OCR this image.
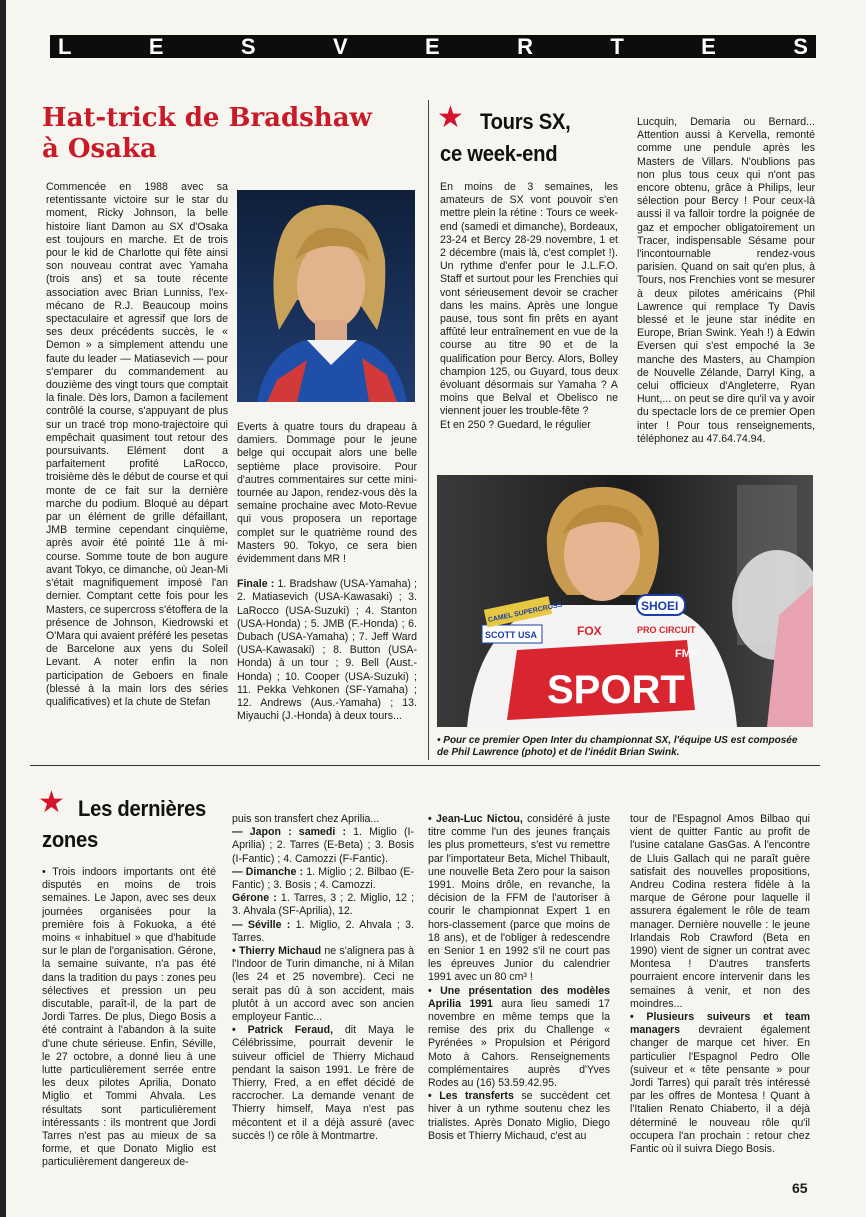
L	E	S	V	E	R	T	E	S
Hat-trick de Bradshaw à Osaka

Commencée en 1988 avec sa retentissante victoire sur le star du moment, Ricky Johnson, la belle histoire liant Damon au SX d'Osaka est toujours en marche. Et de trois pour le kid de Charlotte qui fête ainsi son nouveau contrat avec Yamaha (trois ans) et sa toute récente association avec Brian Lunniss, l'ex-mécano de R.J. Beaucoup moins spectaculaire et agressif que lors de ses deux précédents succès, le « Demon » a simplement attendu une faute du leader — Matiasevich — pour s'emparer du commandement au douzième des vingt tours que comptait la finale. Dès lors, Damon a facilement contrôlé la course, s'appuyant de plus sur un tracé trop mono-trajectoire qui empêchait quasiment tout retour des poursuivants. Elément dont a parfaitement profité LaRocco, troisième dès le début de course et qui monte de ce fait sur la dernière marche du podium. Bloqué au départ par un élément de grille défaillant, JMB termine cependant cinquième, après avoir été pointé 11e à mi-course. Somme toute de bon augure avant Tokyo, ce dimanche, où Jean-Mi s'était magnifiquement imposé l'an dernier. Comptant cette fois pour les Masters, ce supercross s'étoffera de la présence de Johnson, Kiedrowski et O'Mara qui avaient préféré les pesetas de Barcelone aux yens du Soleil Levant. A noter enfin la non participation de Geboers en finale (blessé à la main lors des séries qualificatives) et la chute de Stefan

Everts à quatre tours du drapeau à damiers. Dommage pour le jeune belge qui occupait alors une belle septième place provisoire. Pour d'autres commentaires sur cette mini-tournée au Japon, rendez-vous dès la semaine prochaine avec Moto-Revue qui vous proposera un reportage complet sur le quatrième round des Masters 90. Tokyo, ce sera bien évidemment dans MR !

Finale : 1. Bradshaw (USA-Yamaha) ; 2. Matiasevich (USA-Kawasaki) ; 3. LaRocco (USA-Suzuki) ; 4. Stanton (USA-Honda) ; 5. JMB (F.-Honda) ; 6. Dubach (USA-Yamaha) ; 7. Jeff Ward (USA-Kawasaki) ; 8. Button (USA-Honda) à un tour ; 9. Bell (Aust.-Honda) ; 10. Cooper (USA-Suzuki) ; 11. Pekka Vehkonen (SF-Yamaha) ; 12. Andrews (Aus.-Yamaha) ; 13. Miyauchi (J.-Honda) à deux tours...

★ Tours SX,
ce week-end

En moins de 3 semaines, les amateurs de SX vont pouvoir s'en mettre plein la rétine : Tours ce week-end (samedi et dimanche), Bordeaux, 23-24 et Bercy 28-29 novembre, 1 et 2 décembre (mais là, c'est complet !). Un rythme d'enfer pour le J.L.F.O. Staff et surtout pour les Frenchies qui vont sérieusement devoir se cracher dans les mains. Après une longue pause, tous sont fin prêts en ayant affûté leur entraînement en vue de la course au titre 90 et de la qualification pour Bercy. Alors, Bolley champion 125, ou Guyard, tous deux évoluant désormais sur Yamaha ? A moins que Belval et Obelisco ne viennent jouer les trouble-fête ?

Et en 250 ? Guedard, le régulier

Lucquin, Demaria ou Bernard... Attention aussi à Kervella, remonté comme une pendule après les Masters de Villars. N'oublions pas non plus tous ceux qui n'ont pas encore obtenu, grâce à Philips, leur sélection pour Bercy ! Pour ceux-là aussi il va falloir tordre la poignée de gaz et empocher obligatoirement un Tracer, indispensable Sésame pour l'incontournable rendez-vous parisien. Quand on sait qu'en plus, à Tours, nos Frenchies vont se mesurer à deux pilotes américains (Phil Lawrence qui remplace Ty Davis blessé et le jeune star inédite en Europe, Brian Swink. Yeah !) à Edwin Eversen qui s'est empoché la 3e manche des Masters, au Champion de Nouvelle Zélande, Darryl King, a celui officieux d'Angleterre, Ryan Hunt,... on peut se dire qu'il va y avoir du spectacle lors de ce premier Open inter ! Pour tous renseignements, téléphonez au 47.64.74.94.

SPORT
SCOTT USA
CAMEL SUPERCROSS
FOX
SHOEI
PRO CIRCUIT
FMF

• Pour ce premier Open Inter du championnat SX, l'équipe US est composée de Phil Lawrence (photo) et de l'inédit Brian Swink.

★ Les dernières
zones

• Trois indoors importants ont été disputés en moins de trois semaines. Le Japon, avec ses deux journées organisées pour la première fois à Fokuoka, a été moins « inhabituel » que d'habitude sur le plan de l'organisation. Gérone, la semaine suivante, n'a pas été dans la tradition du pays : zones peu sélectives et pression un peu discutable, paraît-il, de la part de Jordi Tarres. De plus, Diego Bosis a été contraint à l'abandon à la suite d'une chute sérieuse. Enfin, Séville, le 27 octobre, a donné lieu à une lutte particulièrement serrée entre les deux pilotes Aprilia, Donato Miglio et Tommi Ahvala. Les résultats sont particulièrement intéressants : ils montrent que Jordi Tarres n'est pas au mieux de sa forme, et que Donato Miglio est particulièrement dangereux de-

puis son transfert chez Aprilia...

— Japon : samedi : 1. Miglio (I-Aprilia) ; 2. Tarres (E-Beta) ; 3. Bosis (I-Fantic) ; 4. Camozzi (F-Fantic).

— Dimanche : 1. Miglio ; 2. Bilbao (E-Fantic) ; 3. Bosis ; 4. Camozzi.

Gérone : 1. Tarres, 3 ; 2. Miglio, 12 ; 3. Ahvala (SF-Aprilia), 12.

— Séville : 1. Miglio, 2. Ahvala ; 3. Tarres.

• Thierry Michaud ne s'alignera pas à l'Indoor de Turin dimanche, ni à Milan (les 24 et 25 novembre). Ceci ne serait pas dû à son accident, mais plutôt à un accord avec son ancien employeur Fantic...

• Patrick Feraud, dit Maya le Célébrissime, pourrait devenir le suiveur officiel de Thierry Michaud pendant la saison 1991. Le frère de Thierry, Fred, a en effet décidé de raccrocher. La demande venant de Thierry himself, Maya n'est pas mécontent et il a déjà assuré (avec succès !) ce rôle à Montmartre.

• Jean-Luc Nictou, considéré à juste titre comme l'un des jeunes français les plus prometteurs, s'est vu remettre par l'importateur Beta, Michel Thibault, une nouvelle Beta Zero pour la saison 1991. Moins drôle, en revanche, la décision de la FFM de l'autoriser à courir le championnat Expert 1 en hors-classement (parce que moins de 18 ans), et de l'obliger à redescendre en Senior 1 en 1992 s'il ne court pas les épreuves Junior du calendrier 1991 avec un 80 cm³ !

• Une présentation des modèles Aprilia 1991 aura lieu samedi 17 novembre en même temps que la remise des prix du Challenge « Pyrénées » Propulsion et Périgord Moto à Cahors. Renseignements complémentaires auprès d'Yves Rodes au (16) 53.59.42.95.

• Les transferts se succèdent cet hiver à un rythme soutenu chez les trialistes. Après Donato Miglio, Diego Bosis et Thierry Michaud, c'est au

tour de l'Espagnol Amos Bilbao qui vient de quitter Fantic au profit de l'usine catalane GasGas. A l'encontre de Lluis Gallach qui ne paraît guère satisfait des nouvelles propositions, Andreu Codina restera fidèle à la marque de Gérone pour laquelle il assurera également le rôle de team manager. Dernière nouvelle : le jeune Irlandais Rob Crawford (Beta en 1990) vient de signer un contrat avec Montesa ! D'autres transferts pourraient encore intervenir dans les semaines à venir, et non des moindres...

• Plusieurs suiveurs et team managers devraient également changer de marque cet hiver. En particulier l'Espagnol Pedro Olle (suiveur et « tête pensante » pour Jordi Tarres) qui paraît très intéressé par les offres de Montesa ! Quant à l'Italien Renato Chiaberto, il a déjà déterminé le nouveau rôle qu'il occupera l'an prochain : retour chez Fantic où il suivra Diego Bosis.

65
